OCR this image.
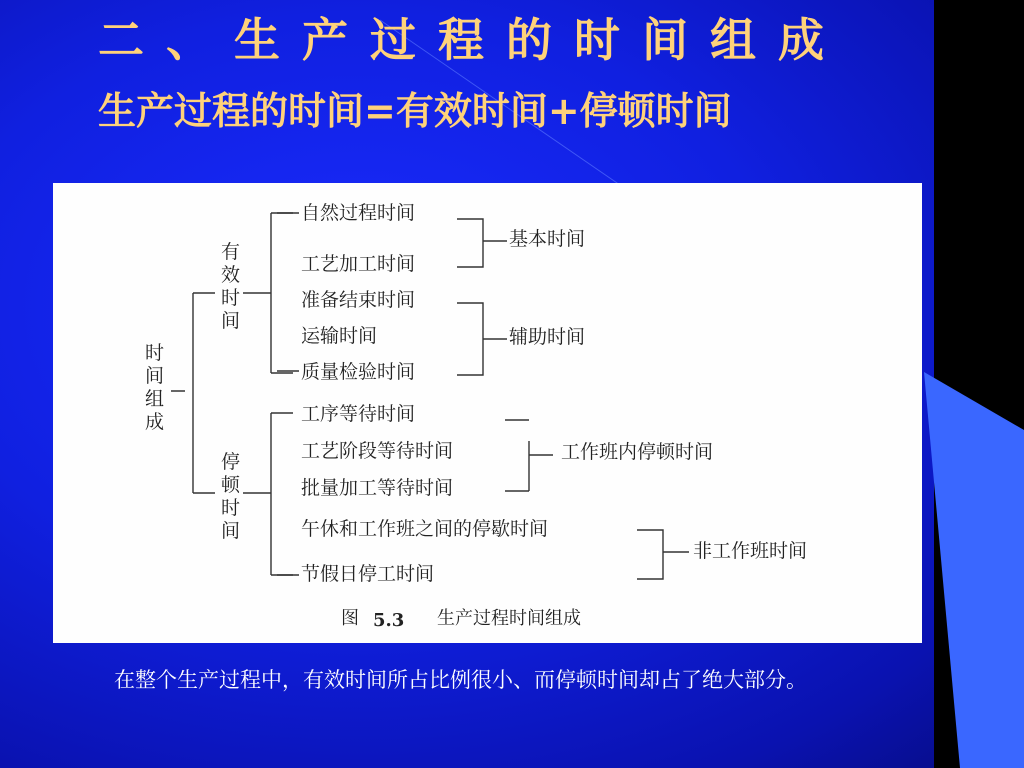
二、生产过程的时间组成
生产过程的时间=有效时间+停顿时间
时间组成
有效时间
停顿时间
自然过程时间
工艺加工时间
准备结束时间
运输时间
质量检验时间
工序等待时间
工艺阶段等待时间
批量加工等待时间
午休和工作班之间的停歇时间
节假日停工时间
基本时间
辅助时间
工作班内停顿时间
非工作班时间
图 5.3 生产过程时间组成

在整个生产过程中，有效时间所占比例很小、而停顿时间却占了绝大部分。
